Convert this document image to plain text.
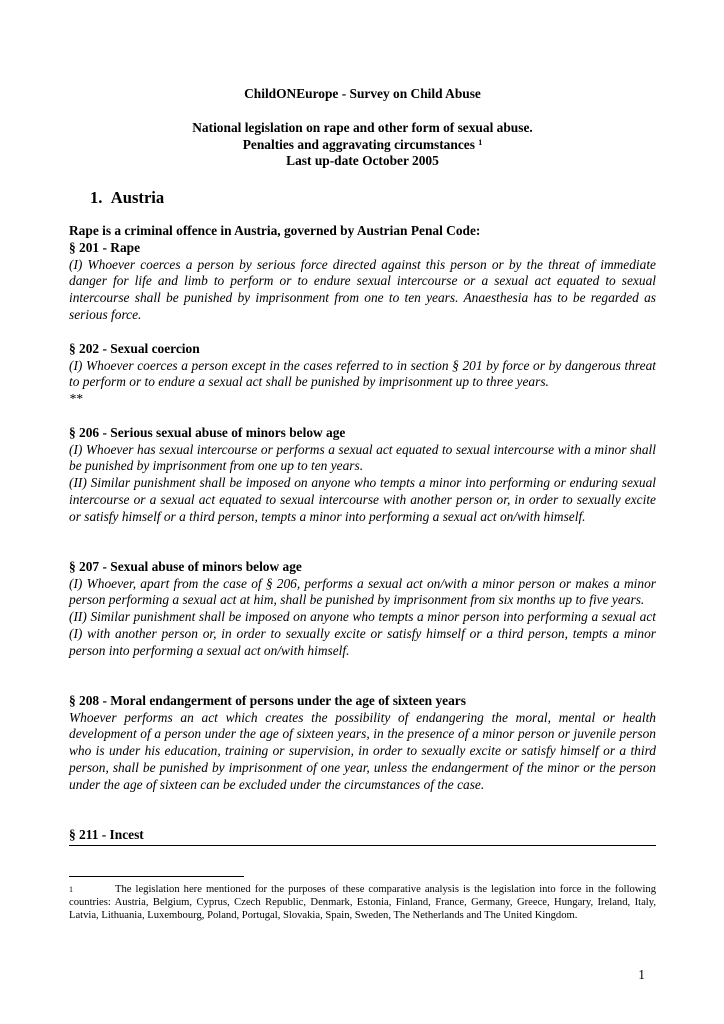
ChildONEurope - Survey on Child Abuse
National legislation on rape and other form of sexual abuse.
Penalties and aggravating circumstances $^1$
Last up-date October 2005
1. Austria
Rape is a criminal offence in Austria, governed by Austrian Penal Code:
§ 201 - Rape
(I) Whoever coerces a person by serious force directed against this person or by the threat of immediate danger for life and limb to perform or to endure sexual intercourse or a sexual act equated to sexual intercourse shall be punished by imprisonment from one to ten years. Anaesthesia has to be regarded as serious force.
§ 202 - Sexual coercion
(I) Whoever coerces a person except in the cases referred to in section § 201 by force or by dangerous threat to perform or to endure a sexual act shall be punished by imprisonment up to three years.
**
§ 206 - Serious sexual abuse of minors below age
(I) Whoever has sexual intercourse or performs a sexual act equated to sexual intercourse with a minor shall be punished by imprisonment from one up to ten years.
(II) Similar punishment shall be imposed on anyone who tempts a minor into performing or enduring sexual intercourse or a sexual act equated to sexual intercourse with another person or, in order to sexually excite or satisfy himself or a third person, tempts a minor into performing a sexual act on/with himself.
§ 207 - Sexual abuse of minors below age
(I) Whoever, apart from the case of § 206, performs a sexual act on/with a minor person or makes a minor person performing a sexual act at him, shall be punished by imprisonment from six months up to five years.
(II) Similar punishment shall be imposed on anyone who tempts a minor person into performing a sexual act (I) with another person or, in order to sexually excite or satisfy himself or a third person, tempts a minor person into performing a sexual act on/with himself.
§ 208 - Moral endangerment of persons under the age of sixteen years
Whoever performs an act which creates the possibility of endangering the moral, mental or health development of a person under the age of sixteen years, in the presence of a minor person or juvenile person who is under his education, training or supervision, in order to sexually excite or satisfy himself or a third person, shall be punished by imprisonment of one year, unless the endangerment of the minor or the person under the age of sixteen can be excluded under the circumstances of the case.
§ 211 - Incest
$^1$	The legislation here mentioned for the purposes of these comparative analysis is the legislation into force in the following countries: Austria, Belgium, Cyprus, Czech Republic, Denmark, Estonia, Finland, France, Germany, Greece, Hungary, Ireland, Italy, Latvia, Lithuania, Luxembourg, Poland, Portugal, Slovakia, Spain, Sweden, The Netherlands and The United Kingdom.
1
